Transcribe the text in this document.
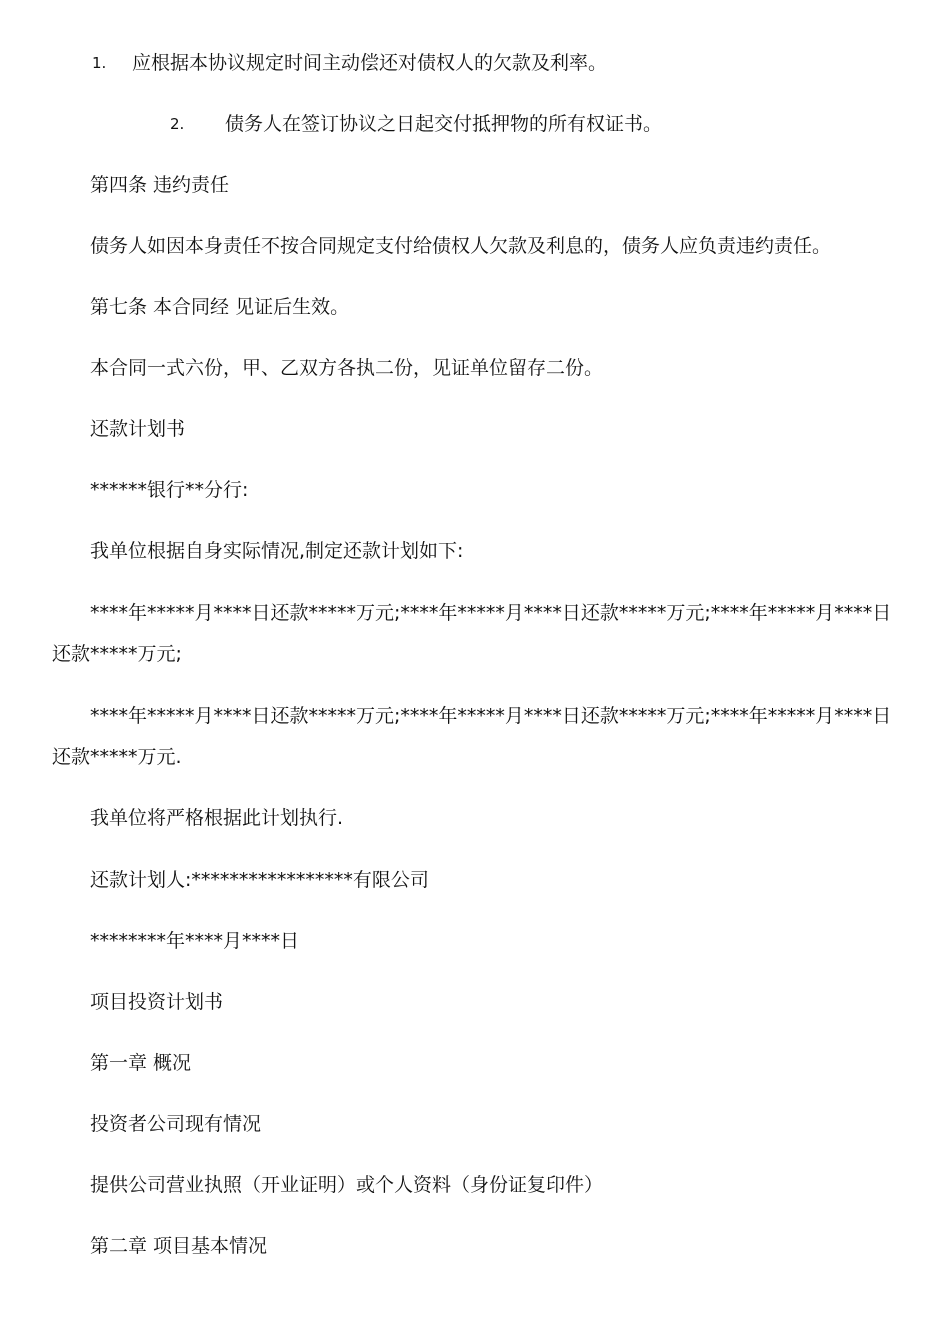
1. 应根据本协议规定时间主动偿还对债权人的欠款及利率。
2. 债务人在签订协议之日起交付抵押物的所有权证书。
第四条 违约责任
债务人如因本身责任不按合同规定支付给债权人欠款及利息的，债务人应负责违约责任。
第七条 本合同经 见证后生效。
本合同一式六份，甲、乙双方各执二份，见证单位留存二份。
还款计划书
******银行**分行:
我单位根据自身实际情况,制定还款计划如下:
****年*****月****日还款*****万元;****年*****月****日还款*****万元;****年*****月****日还款*****万元;
****年*****月****日还款*****万元;****年*****月****日还款*****万元;****年*****月****日还款*****万元.
我单位将严格根据此计划执行.
还款计划人:*****************有限公司
********年****月****日
项目投资计划书
第一章 概况
投资者公司现有情况
提供公司营业执照（开业证明）或个人资料（身份证复印件）
第二章 项目基本情况
